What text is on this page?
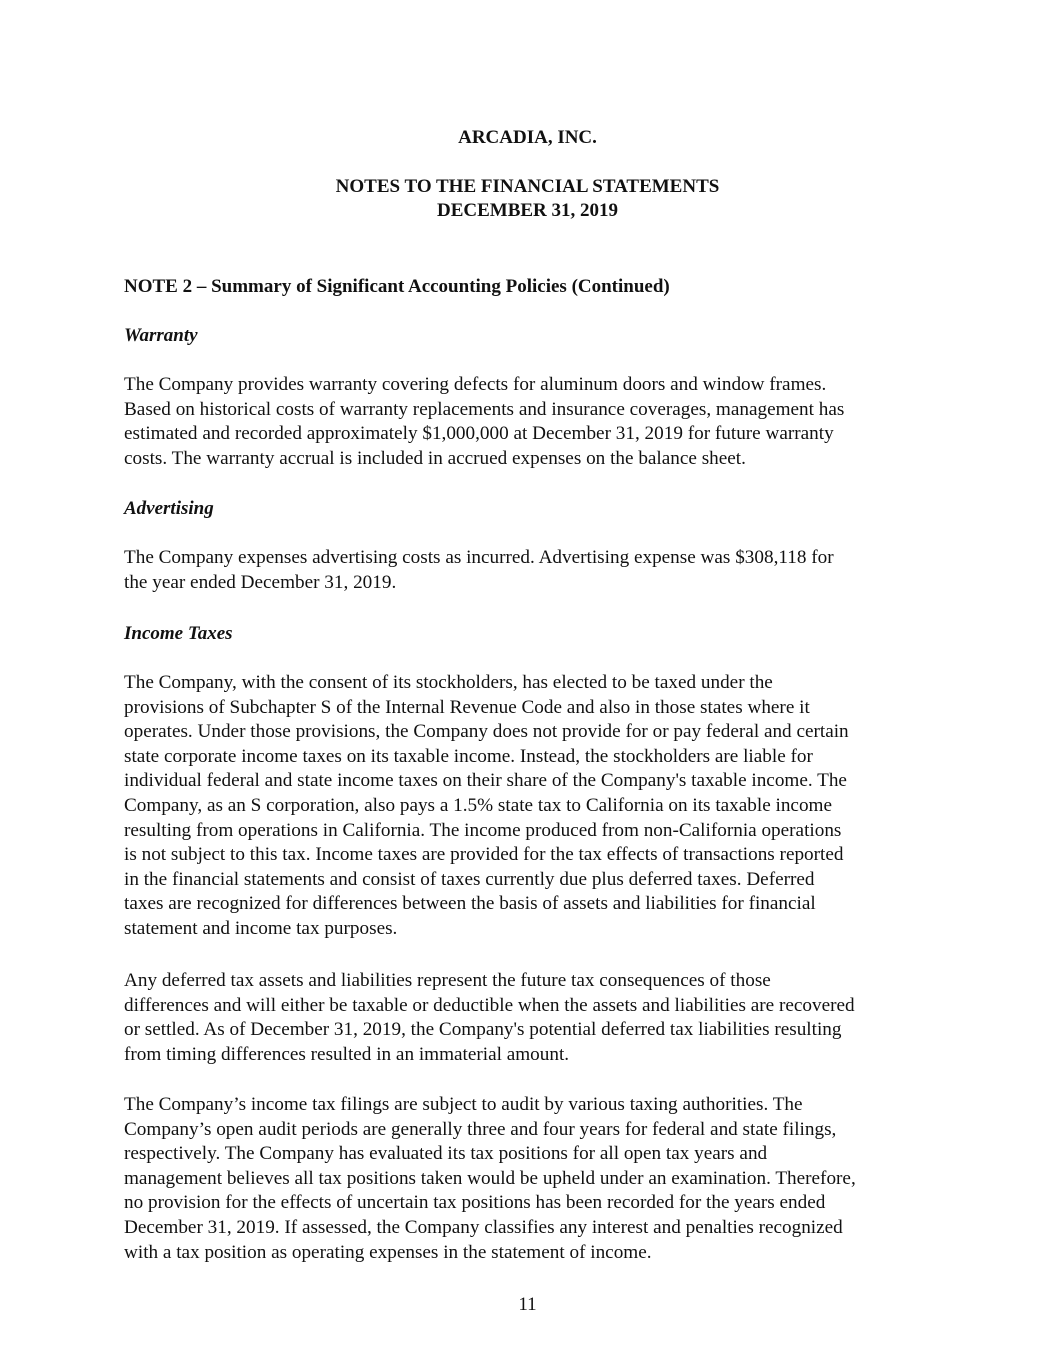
ARCADIA, INC.
NOTES TO THE FINANCIAL STATEMENTS
DECEMBER 31, 2019
NOTE 2 – Summary of Significant Accounting Policies (Continued)
Warranty
The Company provides warranty covering defects for aluminum doors and window frames.
Based on historical costs of warranty replacements and insurance coverages, management has
estimated and recorded approximately $1,000,000 at December 31, 2019 for future warranty
costs. The warranty accrual is included in accrued expenses on the balance sheet.
Advertising
The Company expenses advertising costs as incurred. Advertising expense was $308,118 for
the year ended December 31, 2019.
Income Taxes
The Company, with the consent of its stockholders, has elected to be taxed under the
provisions of Subchapter S of the Internal Revenue Code and also in those states where it
operates. Under those provisions, the Company does not provide for or pay federal and certain
state corporate income taxes on its taxable income. Instead, the stockholders are liable for
individual federal and state income taxes on their share of the Company's taxable income. The
Company, as an S corporation, also pays a 1.5% state tax to California on its taxable income
resulting from operations in California. The income produced from non-California operations
is not subject to this tax. Income taxes are provided for the tax effects of transactions reported
in the financial statements and consist of taxes currently due plus deferred taxes. Deferred
taxes are recognized for differences between the basis of assets and liabilities for financial
statement and income tax purposes.
Any deferred tax assets and liabilities represent the future tax consequences of those
differences and will either be taxable or deductible when the assets and liabilities are recovered
or settled. As of December 31, 2019, the Company's potential deferred tax liabilities resulting
from timing differences resulted in an immaterial amount.
The Company’s income tax filings are subject to audit by various taxing authorities. The
Company’s open audit periods are generally three and four years for federal and state filings,
respectively. The Company has evaluated its tax positions for all open tax years and
management believes all tax positions taken would be upheld under an examination. Therefore,
no provision for the effects of uncertain tax positions has been recorded for the years ended
December 31, 2019. If assessed, the Company classifies any interest and penalties recognized
with a tax position as operating expenses in the statement of income.
11
